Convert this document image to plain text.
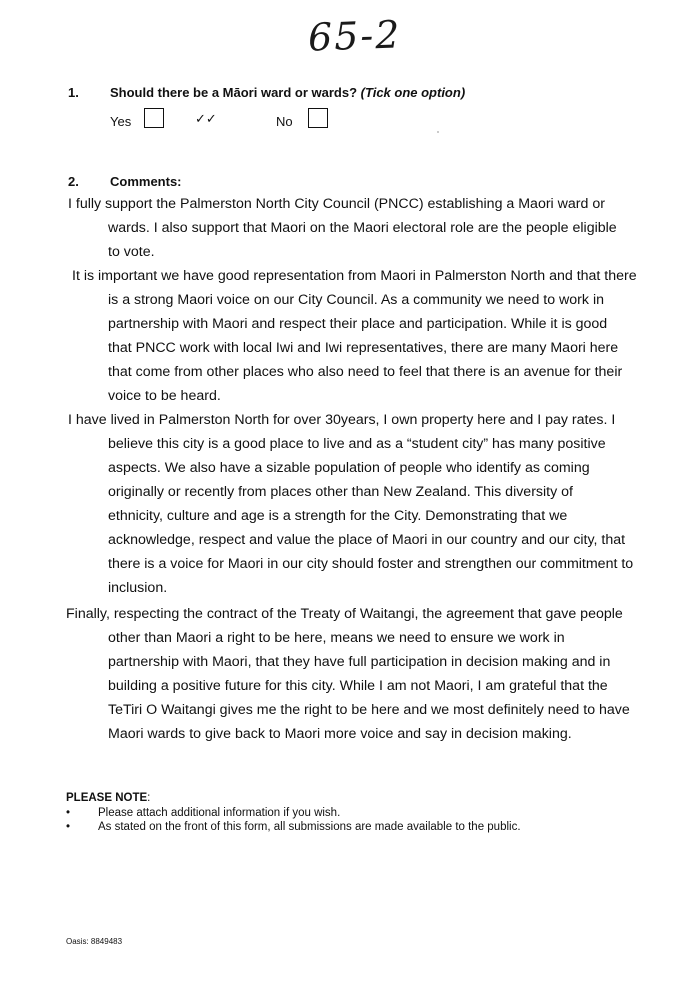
65-2
1. Should there be a Māori ward or wards? (Tick one option)
Yes	✓✓	No
2. Comments:
I fully support the Palmerston North City Council (PNCC) establishing a Maori ward or
wards. I also support that Maori on the Maori electoral role are the people eligible
to vote.
It is important we have good representation from Maori in Palmerston North and that there
is a strong Maori voice on our City Council. As a community we need to work in
partnership with Maori and respect their place and participation. While it is good
that PNCC work with local Iwi and Iwi representatives, there are many Maori here
that come from other places who also need to feel that there is an avenue for their
voice to be heard.
I have lived in Palmerston North for over 30years, I own property here and I pay rates. I
believe this city is a good place to live and as a “student city” has many positive
aspects. We also have a sizable population of people who identify as coming
originally or recently from places other than New Zealand. This diversity of
ethnicity, culture and age is a strength for the City. Demonstrating that we
acknowledge, respect and value the place of Maori in our country and our city, that
there is a voice for Maori in our city should foster and strengthen our commitment to
inclusion.
Finally, respecting the contract of the Treaty of Waitangi, the agreement that gave people
other than Maori a right to be here, means we need to ensure we work in
partnership with Maori, that they have full participation in decision making and in
building a positive future for this city. While I am not Maori, I am grateful that the
TeTiri O Waitangi gives me the right to be here and we most definitely need to have
Maori wards to give back to Maori more voice and say in decision making.
PLEASE NOTE:
• Please attach additional information if you wish.
• As stated on the front of this form, all submissions are made available to the public.
Oasis: 8849483
